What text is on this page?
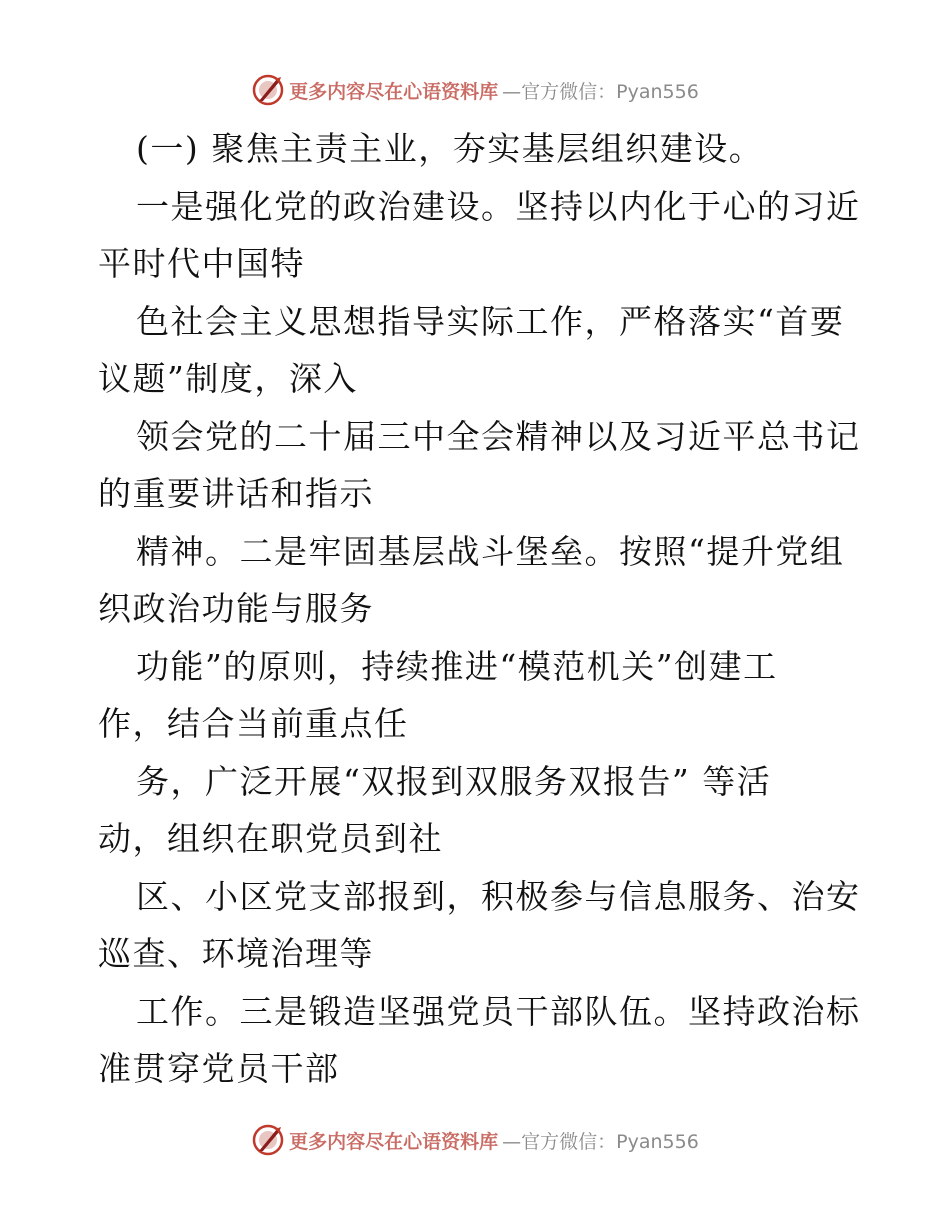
更多内容尽在心语资料库 —官方微信：Pyan556
(一) 聚焦主责主业，夯实基层组织建设。
一是强化党的政治建设。坚持以内化于心的习近
平时代中国特
色社会主义思想指导实际工作，严格落实“首要
议题”制度，深入
领会党的二十届三中全会精神以及习近平总书记
的重要讲话和指示
精神。二是牢固基层战斗堡垒。按照“提升党组
织政治功能与服务
功能”的原则，持续推进“模范机关”创建工
作，结合当前重点任
务，广泛开展“双报到双服务双报告” 等活
动，组织在职党员到社
区、小区党支部报到，积极参与信息服务、治安
巡查、环境治理等
工作。三是锻造坚强党员干部队伍。坚持政治标
准贯穿党员干部
更多内容尽在心语资料库 —官方微信：Pyan556
